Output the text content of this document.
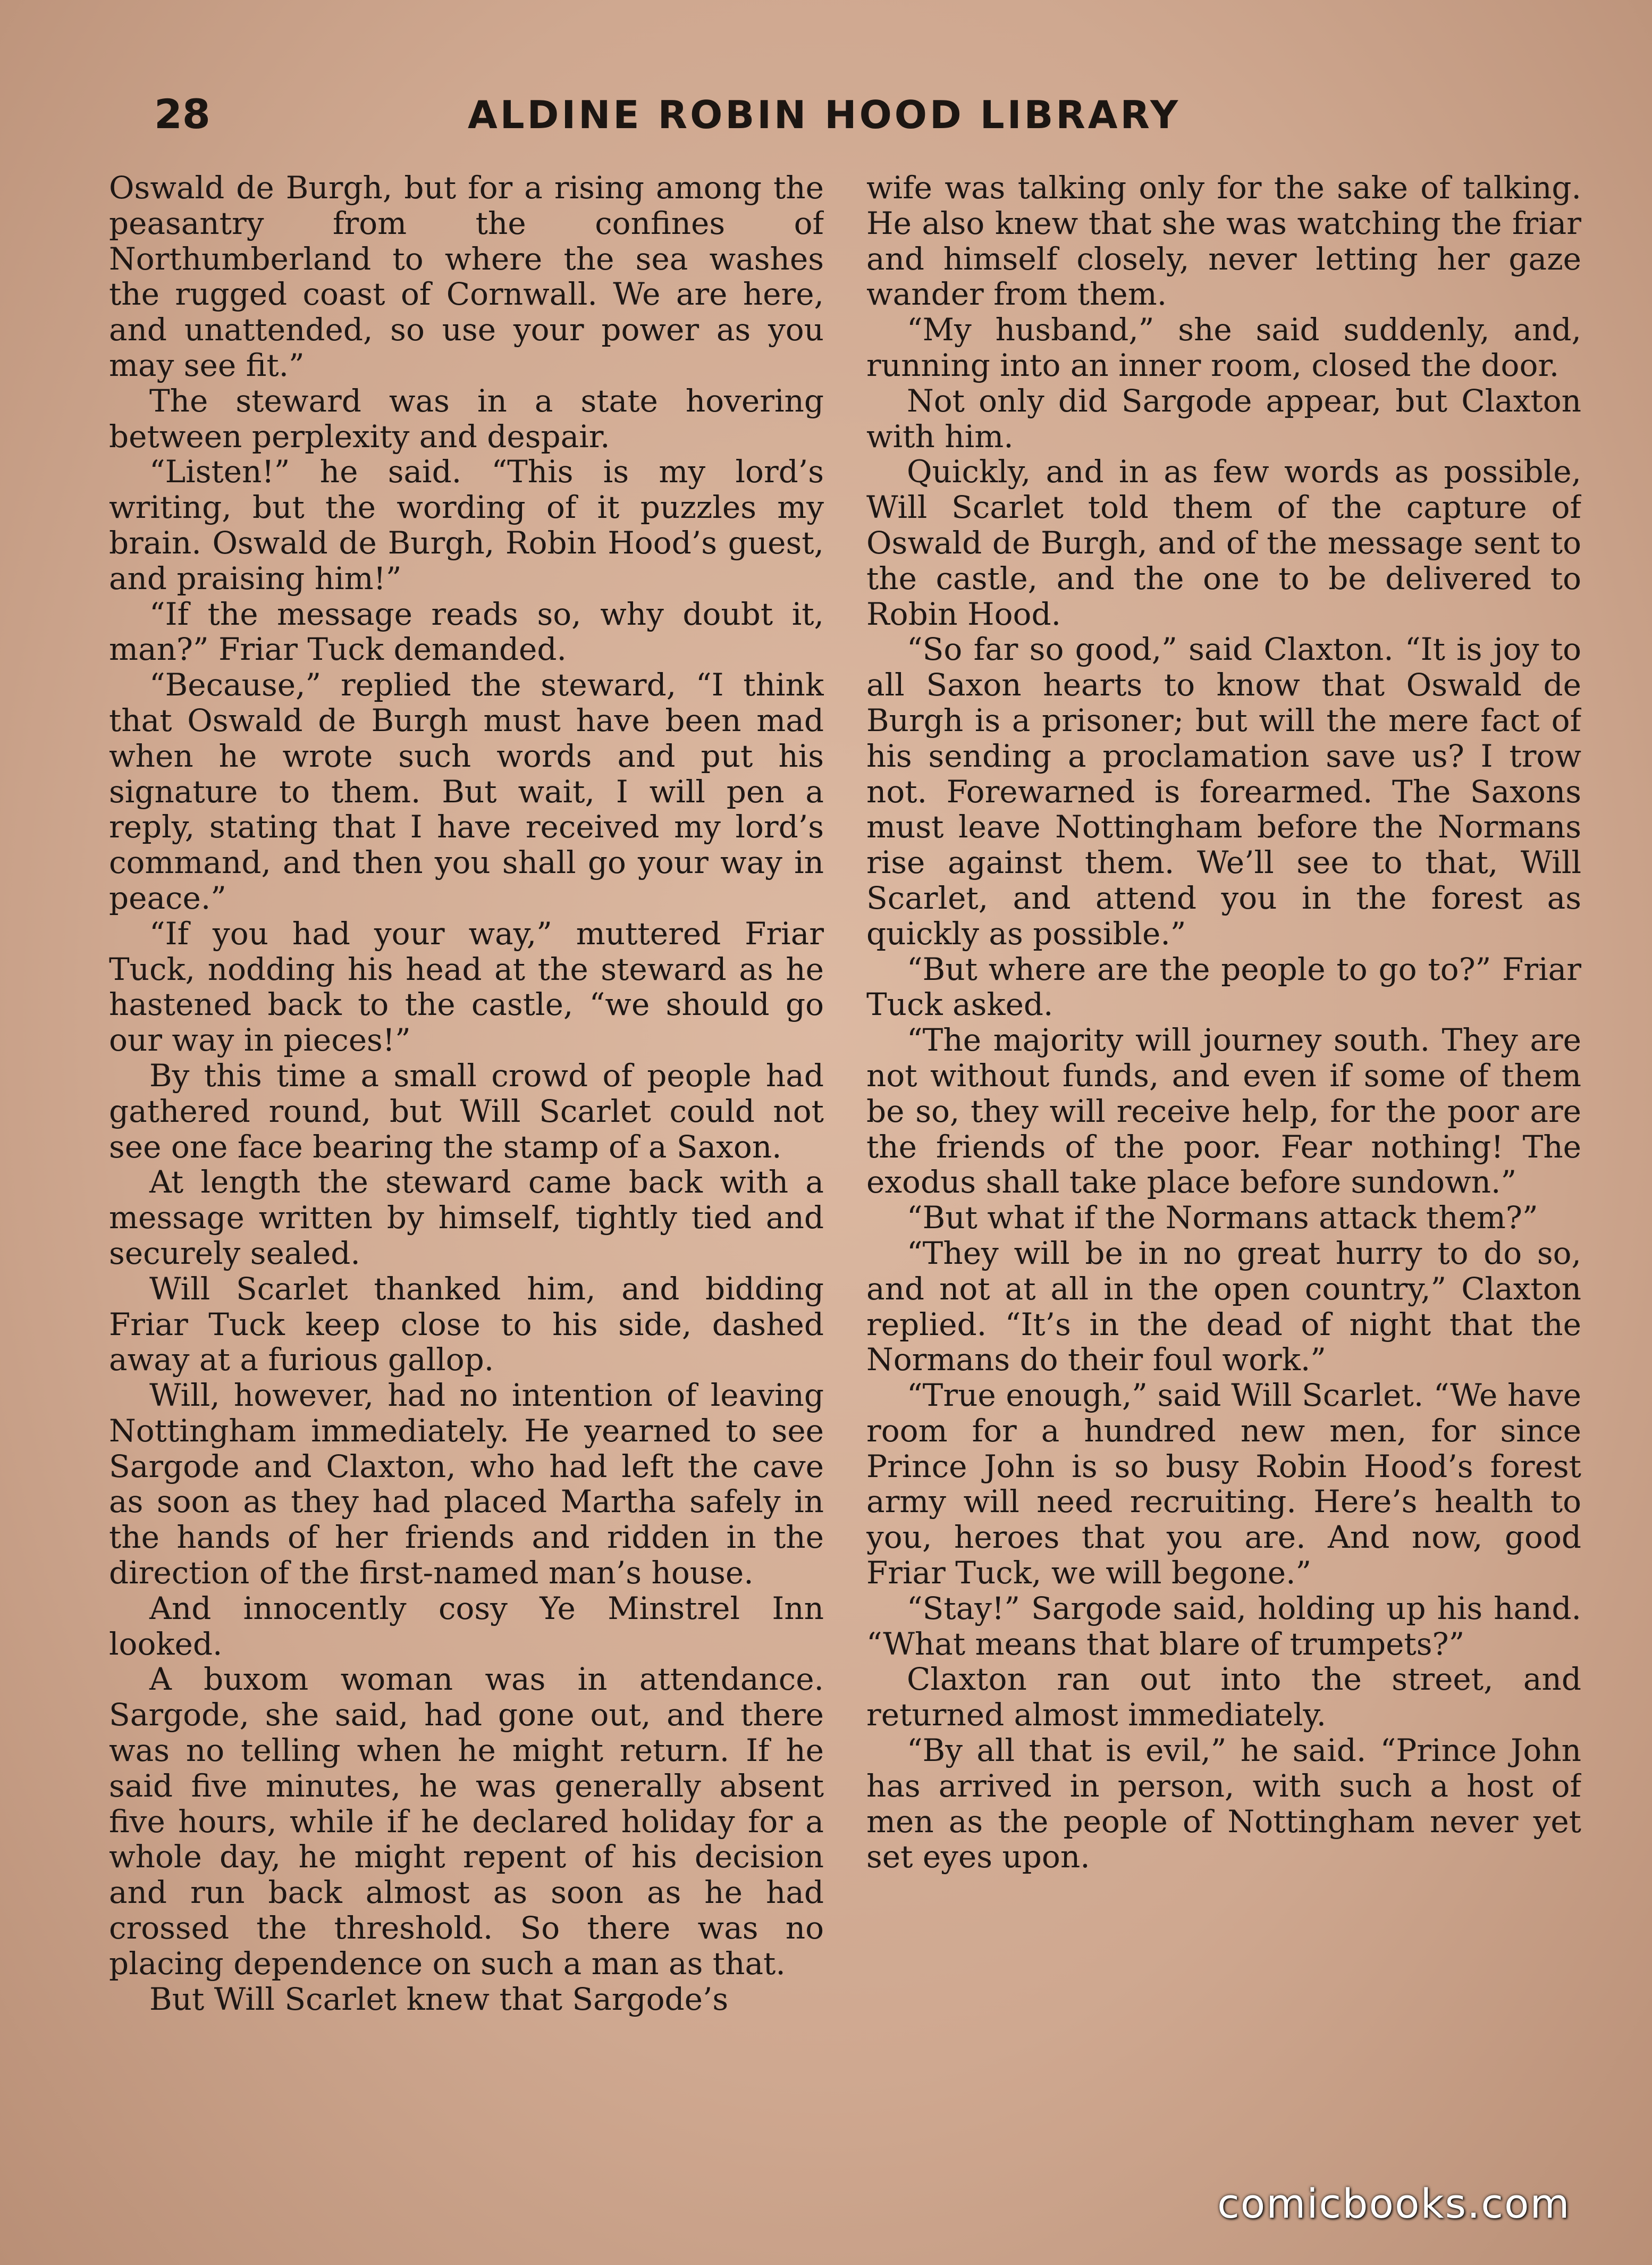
28	ALDINE ROBIN HOOD LIBRARY

Oswald de Burgh, but for a rising among the peasantry from the confines of Northumberland to where the sea washes the rugged coast of Cornwall. We are here, and unattended, so use your power as you may see fit.”

The steward was in a state hovering between perplexity and despair.

“Listen!” he said. “This is my lord’s writing, but the wording of it puzzles my brain. Oswald de Burgh, Robin Hood’s guest, and praising him!”

“If the message reads so, why doubt it, man?” Friar Tuck demanded.

“Because,” replied the steward, “I think that Oswald de Burgh must have been mad when he wrote such words and put his signature to them. But wait, I will pen a reply, stating that I have received my lord’s command, and then you shall go your way in peace.”

“If you had your way,” muttered Friar Tuck, nodding his head at the steward as he hastened back to the castle, “we should go our way in pieces!”

By this time a small crowd of people had gathered round, but Will Scarlet could not see one face bearing the stamp of a Saxon.

At length the steward came back with a message written by himself, tightly tied and securely sealed.

Will Scarlet thanked him, and bidding Friar Tuck keep close to his side, dashed away at a furious gallop.

Will, however, had no intention of leaving Nottingham immediately. He yearned to see Sargode and Claxton, who had left the cave as soon as they had placed Martha safely in the hands of her friends and ridden in the direction of the first-named man’s house.

And innocently cosy Ye Minstrel Inn looked.

A buxom woman was in attendance. Sargode, she said, had gone out, and there was no telling when he might return. If he said five minutes, he was generally absent five hours, while if he declared holiday for a whole day, he might repent of his decision and run back almost as soon as he had crossed the threshold. So there was no placing dependence on such a man as that.

But Will Scarlet knew that Sargode’s

wife was talking only for the sake of talking. He also knew that she was watching the friar and himself closely, never letting her gaze wander from them.

“My husband,” she said suddenly, and, running into an inner room, closed the door.

Not only did Sargode appear, but Claxton with him.

Quickly, and in as few words as possible, Will Scarlet told them of the capture of Oswald de Burgh, and of the message sent to the castle, and the one to be delivered to Robin Hood.

“So far so good,” said Claxton. “It is joy to all Saxon hearts to know that Oswald de Burgh is a prisoner; but will the mere fact of his sending a proclamation save us? I trow not. Forewarned is forearmed. The Saxons must leave Nottingham before the Normans rise against them. We’ll see to that, Will Scarlet, and attend you in the forest as quickly as possible.”

“But where are the people to go to?” Friar Tuck asked.

“The majority will journey south. They are not without funds, and even if some of them be so, they will receive help, for the poor are the friends of the poor. Fear nothing! The exodus shall take place before sundown.”

“But what if the Normans attack them?”

“They will be in no great hurry to do so, and not at all in the open country,” Claxton replied. “It’s in the dead of night that the Normans do their foul work.”

“True enough,” said Will Scarlet. “We have room for a hundred new men, for since Prince John is so busy Robin Hood’s forest army will need recruiting. Here’s health to you, heroes that you are. And now, good Friar Tuck, we will begone.”

“Stay!” Sargode said, holding up his hand. “What means that blare of trumpets?”

Claxton ran out into the street, and returned almost immediately.

“By all that is evil,” he said. “Prince John has arrived in person, with such a host of men as the people of Nottingham never yet set eyes upon.

comicbooks.com
